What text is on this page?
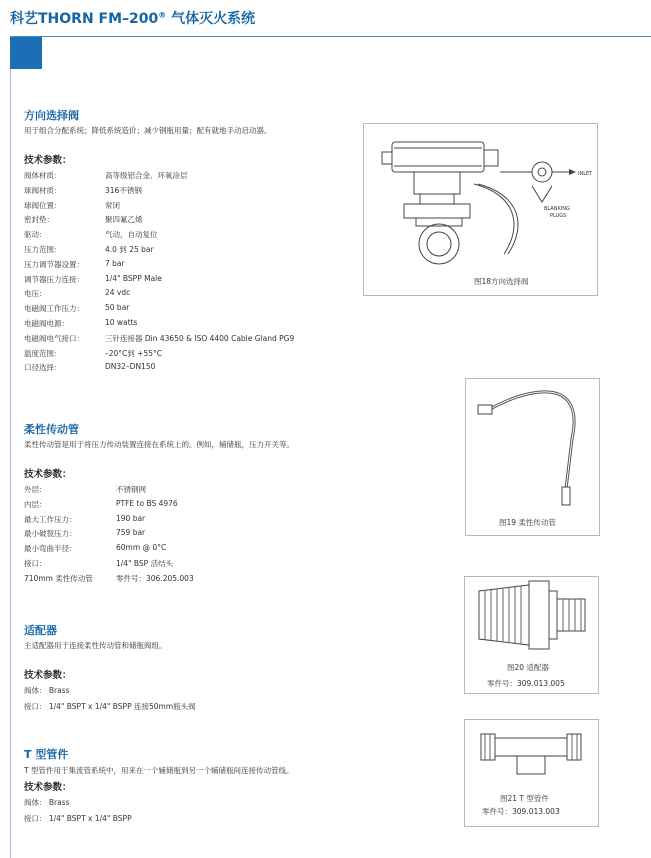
科艺THORN FM–200® 气体灭火系统
方向选择阀
用于组合分配系统；降低系统造价；减少钢瓶用量；配有就地手动启动器。
技术参数：
阀体材质：	高等级铝合金、环氧涂层
球阀材质：	316不锈钢
球阀位置：	常闭
密封垫：	聚四氟乙烯
驱动：	气动，自动复位
压力范围：	4.0 到 25 bar
压力调节器设置：	7 bar
调节器压力连接：	1/4" BSPP Male
电压：	24 vdc
电磁阀工作压力：	50 bar
电磁阀电源：	10 watts
电磁阀电气接口：	三针连接器 Din 43650 & ISO 4400 Cable Gland PG9
温度范围：	–20°C到 +55°C
口径选择：	DN32–DN150
INLET
BLANKING
PLUGS
图18方向选择阀
柔性传动管
柔性传动管是用于将压力传动装置连接在系统上的。例如，辅储瓶，压力开关等。
技术参数：
外层：	不锈钢网
内层：	PTFE to BS 4976
最大工作压力：	190 bar
最小破裂压力：	759 bar
最小弯曲半径：	60mm @ 0°C
接口：	1/4" BSP 活结头
710mm 柔性传动管	零件号：306.205.003
图19 柔性传动管
适配器
主适配器用于连接柔性传动管和储瓶阀组。
技术参数：
阀体： Brass
接口： 1/4" BSPT x 1/4" BSPP 连接50mm瓶头阀
图20 适配器
零件号：309.013.005
T 型管件
T 型管件用于集流管系统中，用来在一个辅储瓶到另一个辅储瓶间连接传动管线。
技术参数：
阀体： Brass
接口： 1/4" BSPT x 1/4" BSPP
图21 T 型管件
零件号：309.013.003
